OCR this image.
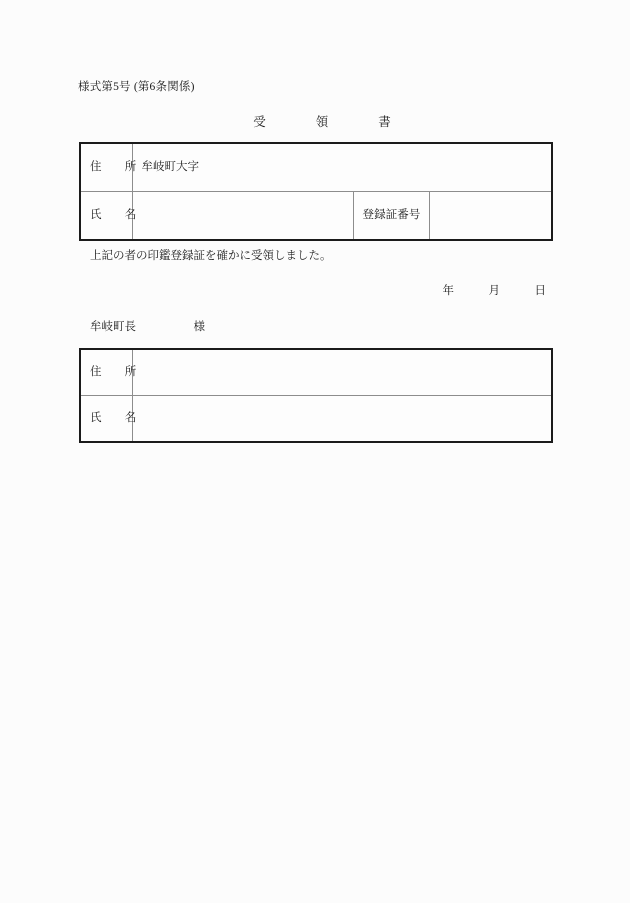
様式第5号 (第6条関係)
受　　　　領　　　　書
住　　所	牟岐町大字		
氏　　名		登録証番号	
上記の者の印鑑登録証を確かに受領しました。
年　　　月　　　日
牟岐町長　　　　　様
住　　所	
氏　　名	
